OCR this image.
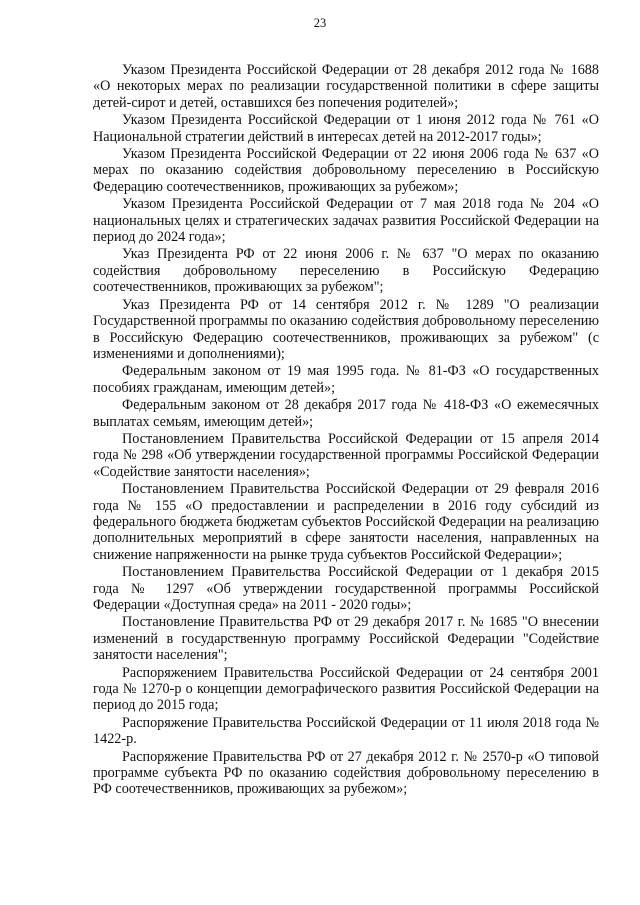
23

Указом Президента Российской Федерации от 28 декабря 2012 года № 1688 «О некоторых мерах по реализации государственной политики в сфере защиты детей-сирот и детей, оставшихся без попечения родителей»;

Указом Президента Российской Федерации от 1 июня 2012 года № 761 «О Национальной стратегии действий в интересах детей на 2012-2017 годы»;

Указом Президента Российской Федерации от 22 июня 2006 года № 637 «О мерах по оказанию содействия добровольному переселению в Российскую Федерацию соотечественников, проживающих за рубежом»;

Указом Президента Российской Федерации от 7 мая 2018 года № 204 «О национальных целях и стратегических задачах развития Российской Федерации на период до 2024 года»;

Указ Президента РФ от 22 июня 2006 г. № 637 "О мерах по оказанию содействия добровольному переселению в Российскую Федерацию соотечественников, проживающих за рубежом";

Указ Президента РФ от 14 сентября 2012 г. № 1289 "О реализации Государственной программы по оказанию содействия добровольному переселению в Российскую Федерацию соотечественников, проживающих за рубежом" (с изменениями и дополнениями);

Федеральным законом от 19 мая 1995 года. № 81-ФЗ «О государственных пособиях гражданам, имеющим детей»;

Федеральным законом от 28 декабря 2017 года № 418-ФЗ «О ежемесячных выплатах семьям, имеющим детей»;

Постановлением Правительства Российской Федерации от 15 апреля 2014 года № 298 «Об утверждении государственной программы Российской Федерации «Содействие занятости населения»;

Постановлением Правительства Российской Федерации от 29 февраля 2016 года № 155 «О предоставлении и распределении в 2016 году субсидий из федерального бюджета бюджетам субъектов Российской Федерации на реализацию дополнительных мероприятий в сфере занятости населения, направленных на снижение напряженности на рынке труда субъектов Российской Федерации»;

Постановлением Правительства Российской Федерации от 1 декабря 2015 года № 1297 «Об утверждении государственной программы Российской Федерации «Доступная среда» на 2011 - 2020 годы»;

Постановление Правительства РФ от 29 декабря 2017 г. № 1685 "О внесении изменений в государственную программу Российской Федерации "Содействие занятости населения";

Распоряжением Правительства Российской Федерации от 24 сентября 2001 года № 1270-р о концепции демографического развития Российской Федерации на период до 2015 года;

Распоряжение Правительства Российской Федерации от 11 июля 2018 года № 1422-р.

Распоряжение Правительства РФ от 27 декабря 2012 г. № 2570-р «О типовой программе субъекта РФ по оказанию содействия добровольному переселению в РФ соотечественников, проживающих за рубежом»;
